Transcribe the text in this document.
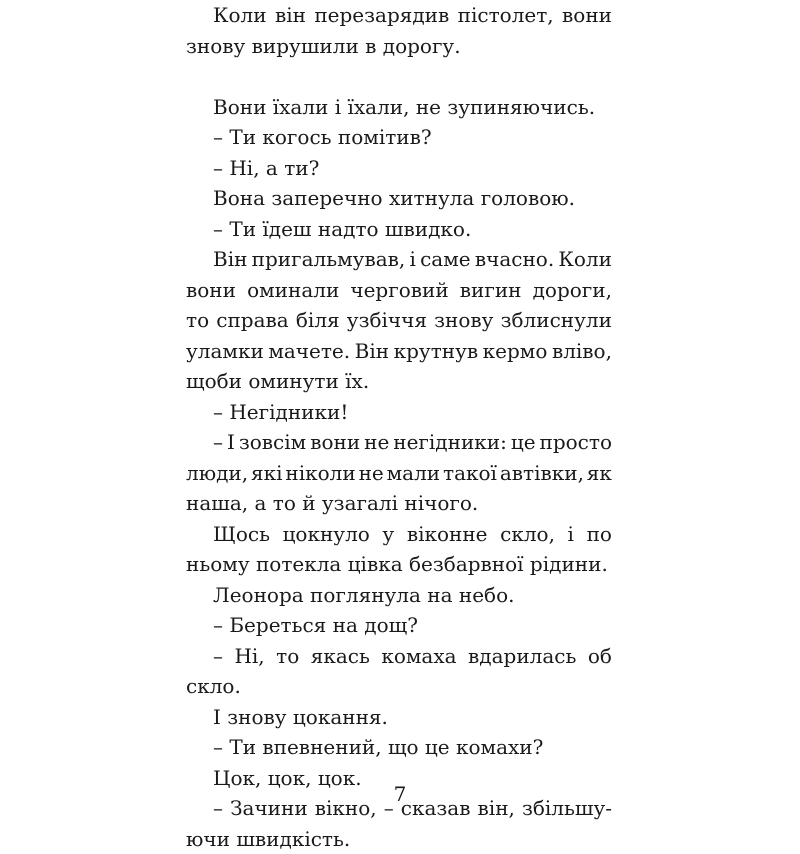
Коли він перезарядив пістолет, вони
знову вирушили в дорогу.
Вони їхали і їхали, не зупиняючись.
– Ти когось помітив?
– Ні, а ти?
Вона заперечно хитнула головою.
– Ти їдеш надто швидко.
Він пригальмував, і саме вчасно. Коли
вони оминали черговий вигин дороги,
то справа біля узбіччя знову зблиснули
уламки мачете. Він крутнув кермо вліво,
щоби оминути їх.
– Негідники!
– І зовсім вони не негідники: це просто
люди, які ніколи не мали такої автівки, як
наша, а то й узагалі нічого.
Щось цокнуло у віконне скло, і по
ньому потекла цівка безбарвної рідини.
Леонора поглянула на небо.
– Береться на дощ?
– Ні, то якась комаха вдарилась об
скло.
І знову цокання.
– Ти впевнений, що це комахи?
Цок, цок, цок.
– Зачини вікно, – сказав він, збільшу-
ючи швидкість.
7
